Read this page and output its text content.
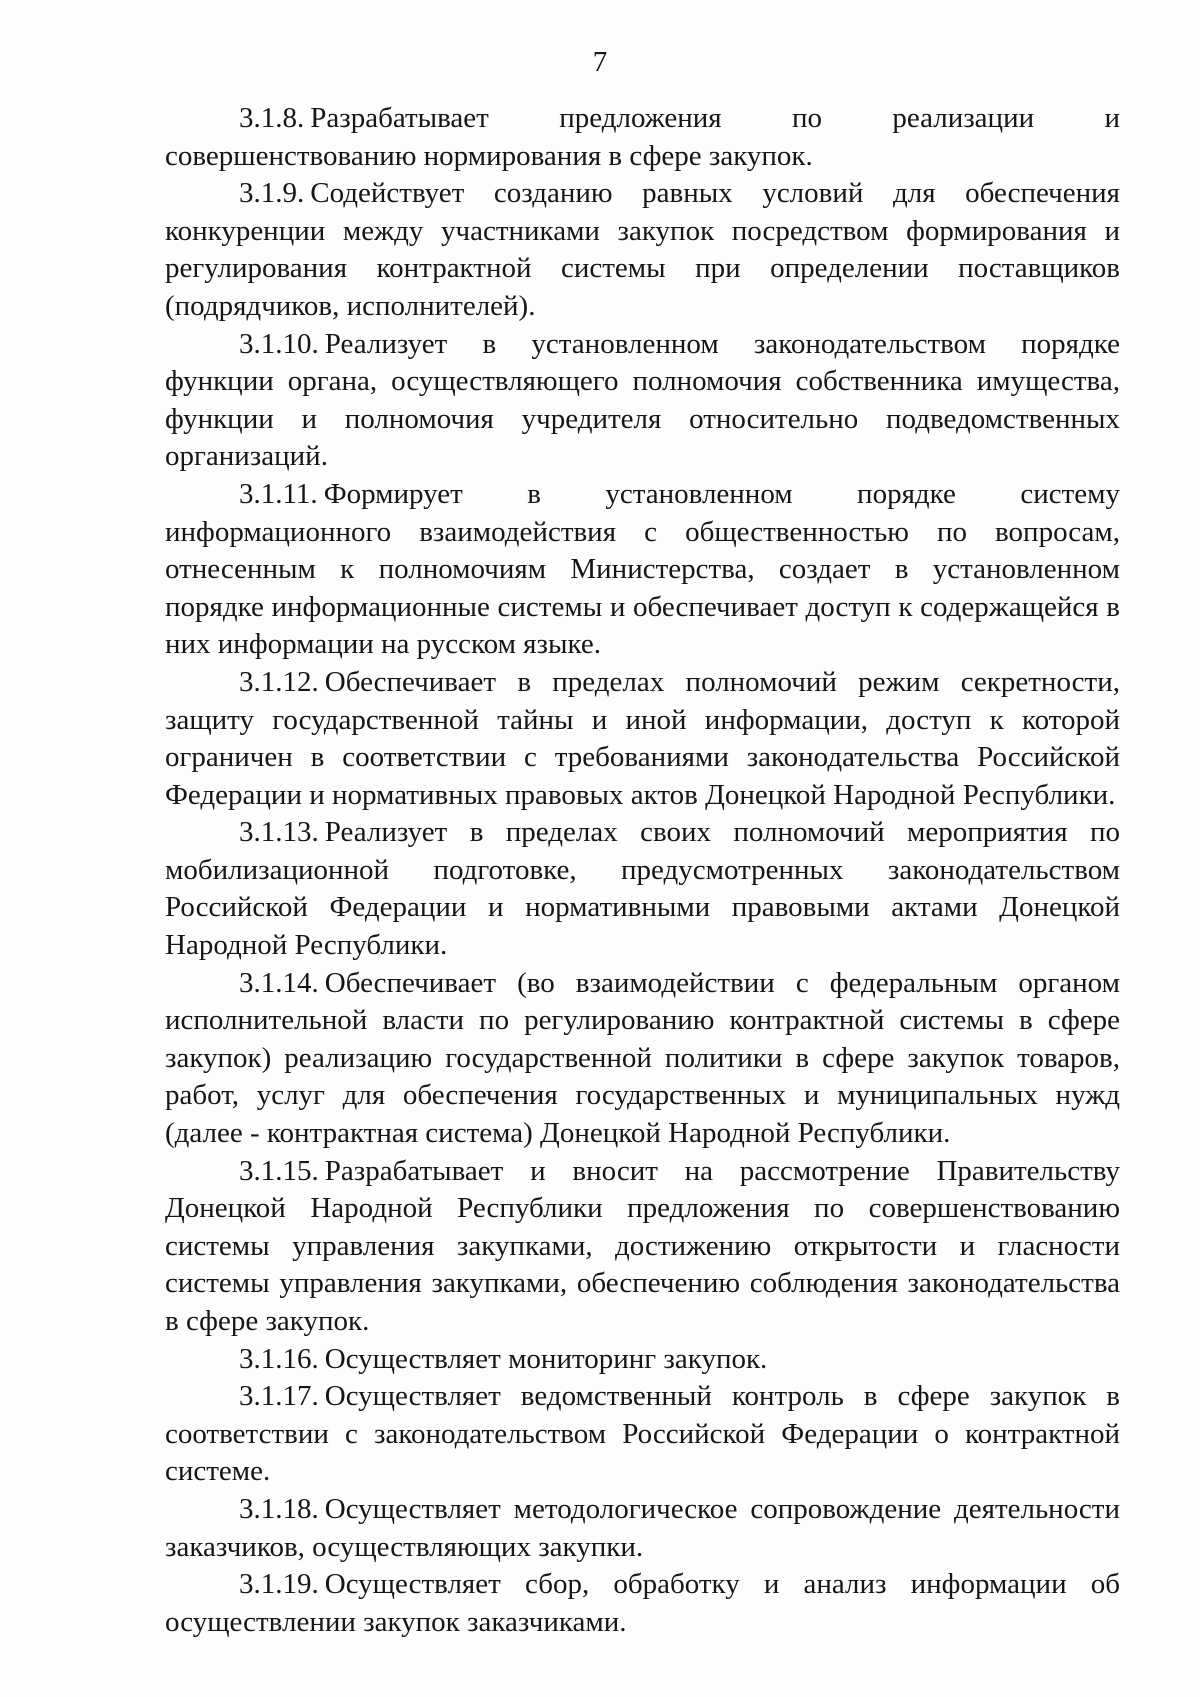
7

3.1.8. Разрабатывает предложения по реализации и совершенствованию нормирования в сфере закупок.

3.1.9. Содействует созданию равных условий для обеспечения конкуренции между участниками закупок посредством формирования и регулирования контрактной системы при определении поставщиков (подрядчиков, исполнителей).

3.1.10. Реализует в установленном законодательством порядке функции органа, осуществляющего полномочия собственника имущества, функции и полномочия учредителя относительно подведомственных организаций.

3.1.11. Формирует в установленном порядке систему информационного взаимодействия с общественностью по вопросам, отнесенным к полномочиям Министерства, создает в установленном порядке информационные системы и обеспечивает доступ к содержащейся в них информации на русском языке.

3.1.12. Обеспечивает в пределах полномочий режим секретности, защиту государственной тайны и иной информации, доступ к которой ограничен в соответствии с требованиями законодательства Российской Федерации и нормативных правовых актов Донецкой Народной Республики.

3.1.13. Реализует в пределах своих полномочий мероприятия по мобилизационной подготовке, предусмотренных законодательством Российской Федерации и нормативными правовыми актами Донецкой Народной Республики.

3.1.14. Обеспечивает (во взаимодействии с федеральным органом исполнительной власти по регулированию контрактной системы в сфере закупок) реализацию государственной политики в сфере закупок товаров, работ, услуг для обеспечения государственных и муниципальных нужд (далее - контрактная система) Донецкой Народной Республики.

3.1.15. Разрабатывает и вносит на рассмотрение Правительству Донецкой Народной Республики предложения по совершенствованию системы управления закупками, достижению открытости и гласности системы управления закупками, обеспечению соблюдения законодательства в сфере закупок.

3.1.16. Осуществляет мониторинг закупок.

3.1.17. Осуществляет ведомственный контроль в сфере закупок в соответствии с законодательством Российской Федерации о контрактной системе.

3.1.18. Осуществляет методологическое сопровождение деятельности заказчиков, осуществляющих закупки.

3.1.19. Осуществляет сбор, обработку и анализ информации об осуществлении закупок заказчиками.
